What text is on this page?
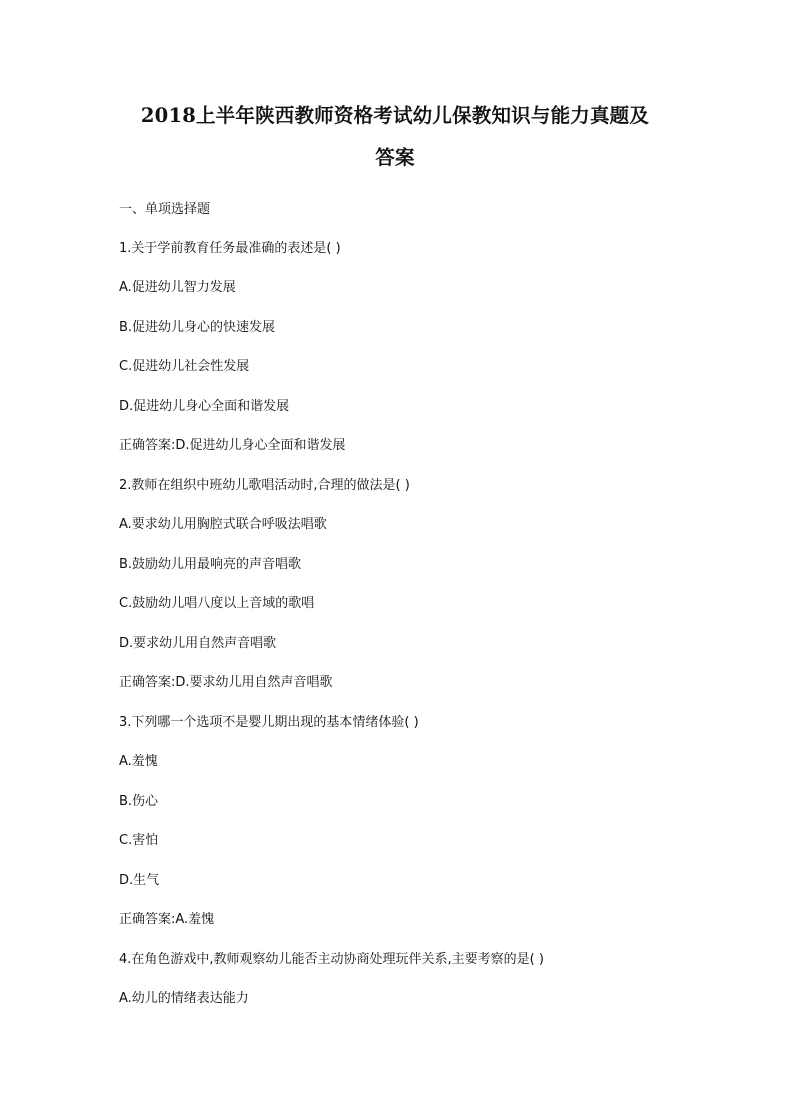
2018上半年陕西教师资格考试幼儿保教知识与能力真题及
答案
一、单项选择题
1.关于学前教育任务最准确的表述是( )
A.促进幼儿智力发展
B.促进幼儿身心的快速发展
C.促进幼儿社会性发展
D.促进幼儿身心全面和谐发展
正确答案:D.促进幼儿身心全面和谐发展
2.教师在组织中班幼儿歌唱活动时,合理的做法是( )
A.要求幼儿用胸腔式联合呼吸法唱歌
B.鼓励幼儿用最响亮的声音唱歌
C.鼓励幼儿唱八度以上音域的歌唱
D.要求幼儿用自然声音唱歌
正确答案:D.要求幼儿用自然声音唱歌
3.下列哪一个选项不是婴儿期出现的基本情绪体验( )
A.羞愧
B.伤心
C.害怕
D.生气
正确答案:A.羞愧
4.在角色游戏中,教师观察幼儿能否主动协商处理玩伴关系,主要考察的是( )
A.幼儿的情绪表达能力
